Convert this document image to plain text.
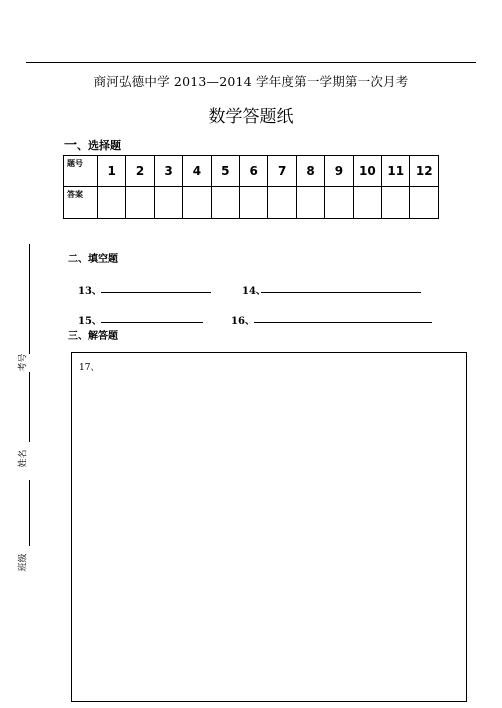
商河弘德中学 2013—2014 学年度第一学期第一次月考
数学答题纸
一、选择题
题号	1	2	3	4	5	6	7	8	9	10	11	12
答案												
二、填空题
13、	14、
15、	16、
三、解答题
17、
考号
姓名
班级
